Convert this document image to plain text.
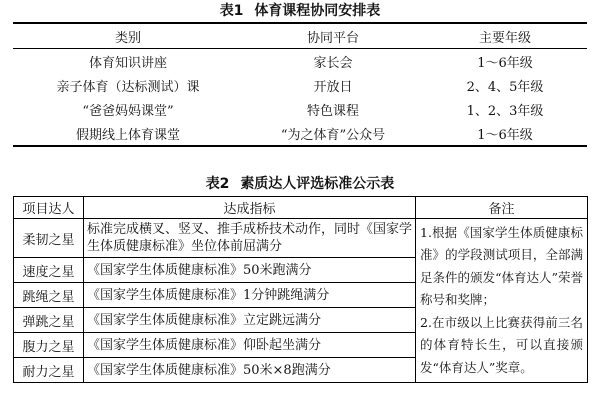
表1 体育课程协同安排表
类别	协同平台	主要年级
体育知识讲座	家长会	1～6年级
亲子体育（达标测试）课	开放日	2、4、5年级
“爸爸妈妈课堂”	特色课程	1、2、3年级
假期线上体育课堂	“为之体育”公众号	1～6年级
表2 素质达人评选标准公示表
项目达人	达成指标	备注
柔韧之星	标准完成横叉、竖叉、推手成桥技术动作，同时《国家学生体质健康标准》坐位体前屈满分	1.根据《国家学生体质健康标准》的学段测试项目，全部满足条件的颁发“体育达人”荣誉称号和奖牌；
2.在市级以上比赛获得前三名的体育特长生，可以直接颁发“体育达人”奖章。

速度之星	《国家学生体质健康标准》50米跑满分	
跳绳之星	《国家学生体质健康标准》1分钟跳绳满分	
弹跳之星	《国家学生体质健康标准》立定跳远满分	
腹力之星	《国家学生体质健康标准》仰卧起坐满分	
耐力之星	《国家学生体质健康标准》50米×8跑满分	
